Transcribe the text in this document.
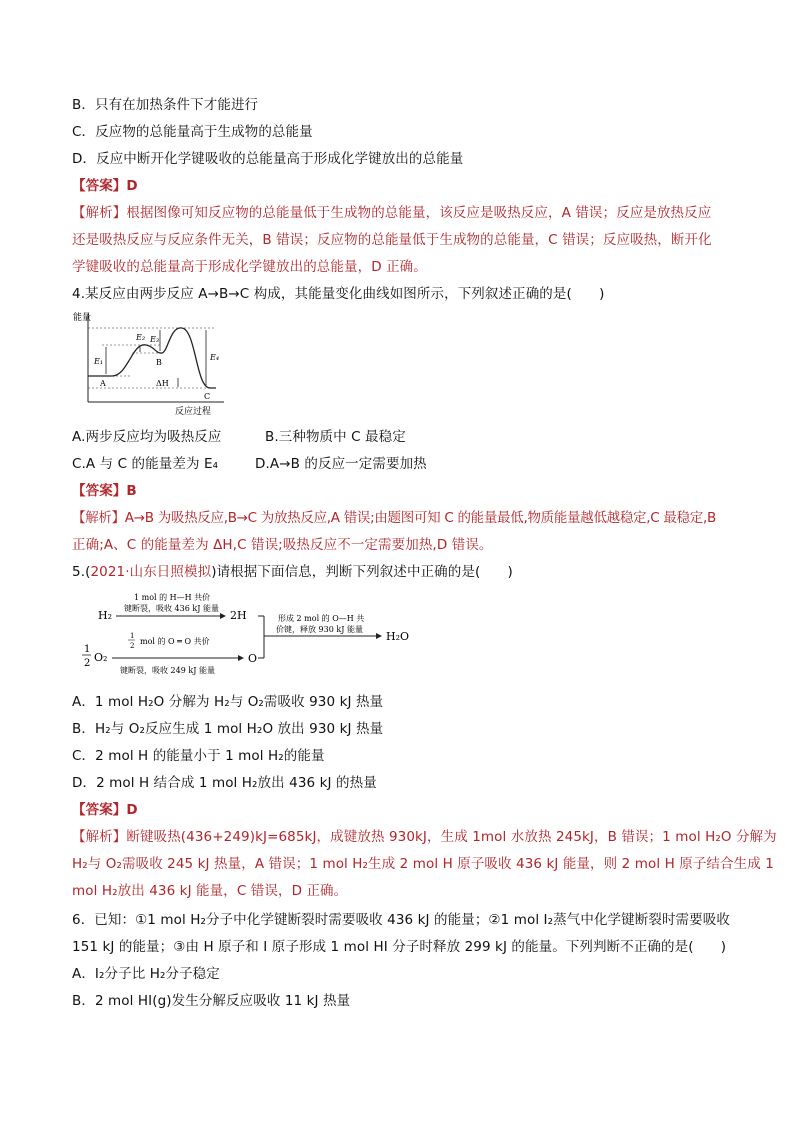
B．只有在加热条件下才能进行
C．反应物的总能量高于生成物的总能量
D．反应中断开化学键吸收的总能量高于形成化学键放出的总能量
【答案】D
【解析】根据图像可知反应物的总能量低于生成物的总能量，该反应是吸热反应，A 错误；反应是放热反应
还是吸热反应与反应条件无关，B 错误；反应物的总能量低于生成物的总能量，C 错误；反应吸热，断开化
学键吸收的总能量高于形成化学键放出的总能量，D 正确。
4.某反应由两步反应 A→B→C 构成，其能量变化曲线如图所示，下列叙述正确的是(　　)
能量
反应过程
E₁
E₂ E₃
E₄
A
B
C
ΔH
A.两步反应均为吸热反应	B.三种物质中 C 最稳定
C.A 与 C 的能量差为 E₄	D.A→B 的反应一定需要加热
【答案】B
【解析】A→B 为吸热反应,B→C 为放热反应,A 错误;由题图可知 C 的能量最低,物质能量越低越稳定,C 最稳定,B
正确;A、C 的能量差为 ΔH,C 错误;吸热反应不一定需要加热,D 错误。
5.(2021·山东日照模拟)请根据下面信息，判断下列叙述中正确的是(　　)
H₂
1 mol 的 H—H 共价
键断裂，吸收 436 kJ 能量
2H
1
2 O₂
1
2 mol 的 O ═ O 共价
键断裂，吸收 249 kJ 能量
O
形成 2 mol 的 O—H 共
价键，释放 930 kJ 能量
H₂O
A．1 mol H₂O 分解为 H₂与 O₂需吸收 930 kJ 热量
B．H₂与 O₂反应生成 1 mol H₂O 放出 930 kJ 热量
C．2 mol H 的能量小于 1 mol H₂的能量
D．2 mol H 结合成 1 mol H₂放出 436 kJ 的热量
【答案】D
【解析】断键吸热(436+249)kJ=685kJ，成键放热 930kJ，生成 1mol 水放热 245kJ，B 错误；1 mol H₂O 分解为
H₂与 O₂需吸收 245 kJ 热量，A 错误；1 mol H₂生成 2 mol H 原子吸收 436 kJ 能量，则 2 mol H 原子结合生成 1
mol H₂放出 436 kJ 能量，C 错误，D 正确。
6．已知：①1 mol H₂分子中化学键断裂时需要吸收 436 kJ 的能量；②1 mol I₂蒸气中化学键断裂时需要吸收
151 kJ 的能量；③由 H 原子和 I 原子形成 1 mol HI 分子时释放 299 kJ 的能量。下列判断不正确的是(　　)
A．I₂分子比 H₂分子稳定
B．2 mol HI(g)发生分解反应吸收 11 kJ 热量
